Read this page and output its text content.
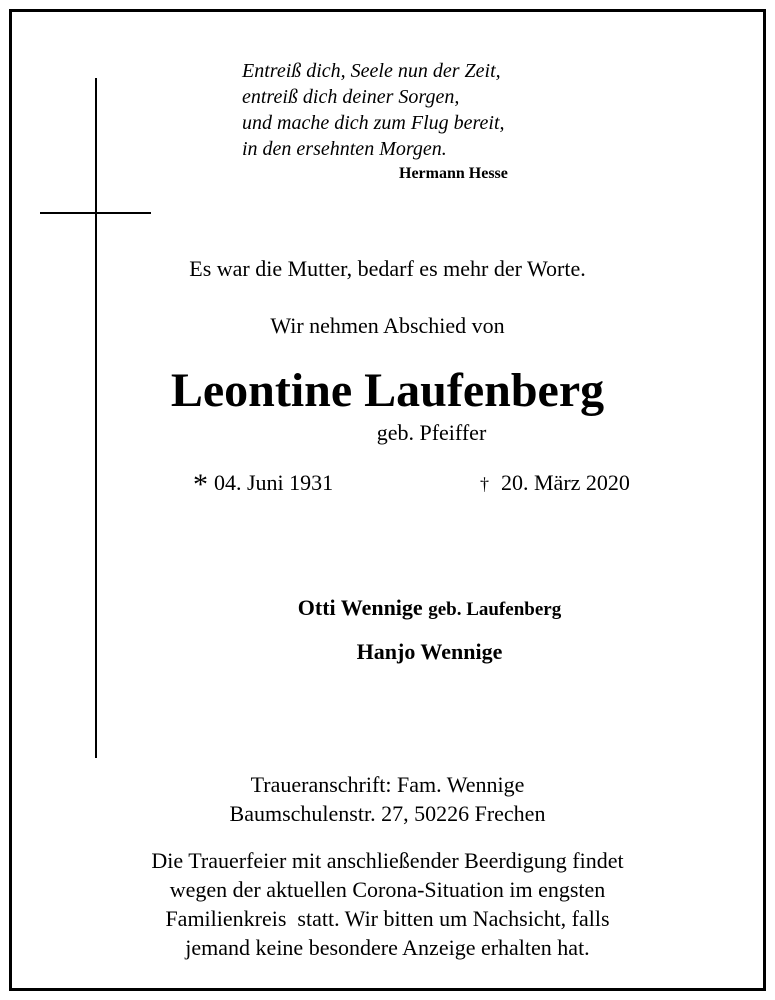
Entreiß dich, Seele nun der Zeit,
entreiß dich deiner Sorgen,
und mache dich zum Flug bereit,
in den ersehnten Morgen.
Hermann Hesse
Es war die Mutter, bedarf es mehr der Worte.
Wir nehmen Abschied von
Leontine Laufenberg
geb. Pfeiffer
* 04. Juni 1931	† 20. März 2020
Otti Wennige geb. Laufenberg
Hanjo Wennige
Traueranschrift: Fam. Wennige
Baumschulenstr. 27, 50226 Frechen
Die Trauerfeier mit anschließender Beerdigung findet
wegen der aktuellen Corona-Situation im engsten
Familienkreis  statt. Wir bitten um Nachsicht, falls
jemand keine besondere Anzeige erhalten hat.
